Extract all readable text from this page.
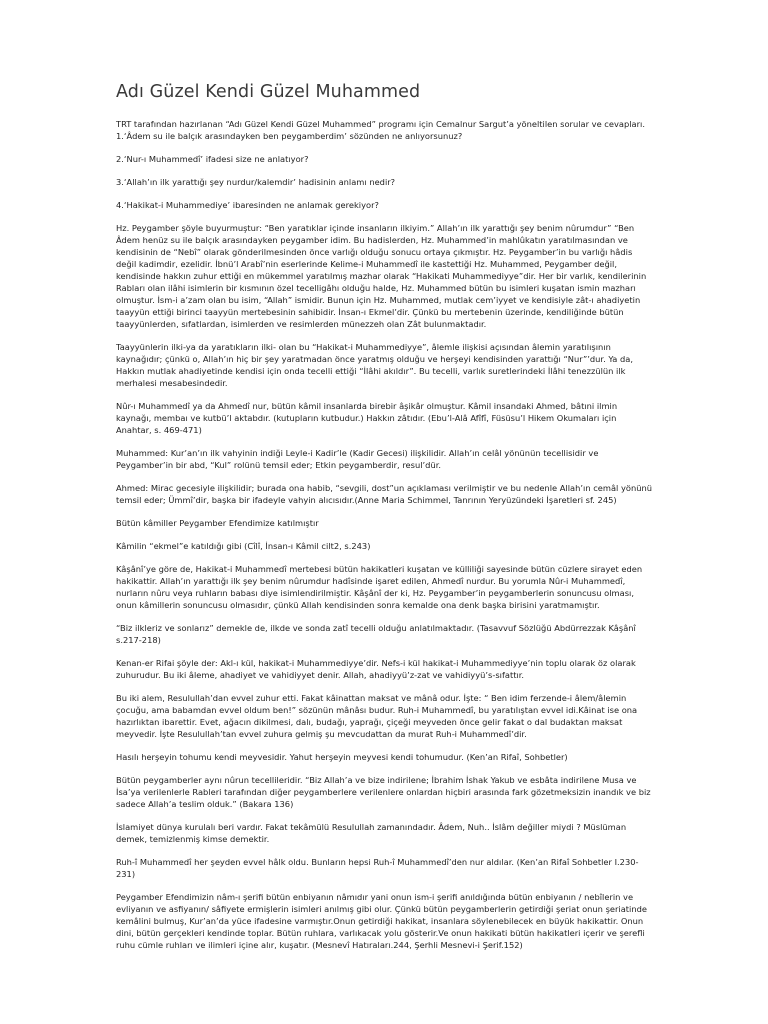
Adı Güzel Kendi Güzel Muhammed

TRT tarafından hazırlanan “Adı Güzel Kendi Güzel Muhammed” programı için Cemalnur Sargut’a yöneltilen sorular ve cevapları.
1.‘Âdem su ile balçık arasındayken ben peygamberdim’ sözünden ne anlıyorsunuz?

2.‘Nur-ı Muhammedî’ ifadesi size ne anlatıyor?

3.‘Allah’ın ilk yarattığı şey nurdur/kalemdir’ hadisinin anlamı nedir?

4.‘Hakikat-i Muhammediye’ ibaresinden ne anlamak gerekiyor?

Hz. Peygamber şöyle buyurmuştur: “Ben yaratıklar içinde insanların ilkiyim.” Allah’ın ilk yarattığı şey benim nûrumdur” “Ben Âdem henüz su ile balçık arasındayken peygamber idim. Bu hadislerden, Hz. Muhammed’in mahlûkatın yaratılmasından ve kendisinin de “Nebî” olarak gönderilmesinden önce varlığı olduğu sonucu ortaya çıkmıştır. Hz. Peygamber’in bu varlığı hâdis değil kadimdir, ezelidir. İbnü’l Arabî’nin eserlerinde Kelime-i Muhammedî ile kastettiği Hz. Muhammed, Peygamber değil, kendisinde hakkın zuhur ettiği en mükemmel yaratılmış mazhar olarak “Hakikati Muhammediyye”dir. Her bir varlık, kendilerinin Rabları olan ilâhi isimlerin bir kısmının özel tecelligâhı olduğu halde, Hz. Muhammed bütün bu isimleri kuşatan ismin mazharı olmuştur. İsm-i a’zam olan bu isim, “Allah” ismidir. Bunun için Hz. Muhammed, mutlak cem’iyyet ve kendisiyle zât-ı ahadiyetin taayyün ettiği birinci taayyün mertebesinin sahibidir. İnsan-ı Ekmel’dir. Çünkü bu mertebenin üzerinde, kendiliğinde bütün taayyünlerden, sıfatlardan, isimlerden ve resimlerden münezzeh olan Zât bulunmaktadır.

Taayyünlerin ilki-ya da yaratıkların ilki- olan bu “Hakikat-i Muhammediyye”, âlemle ilişkisi açısından âlemin yaratılışının kaynağıdır; çünkü o, Allah’ın hiç bir şey yaratmadan önce yaratmış olduğu ve herşeyi kendisinden yarattığı “Nur”’dur. Ya da, Hakkın mutlak ahadiyetinde kendisi için onda tecelli ettiği “İlâhi akıldır”. Bu tecelli, varlık suretlerindeki İlâhi tenezzülün ilk merhalesi mesabesindedir.

Nûr-ı Muhammedî ya da Ahmedî nur, bütün kâmil insanlarda birebir âşikâr olmuştur. Kâmil insandaki Ahmed, bâtıni ilmin kaynağı, membaı ve kutbü’l aktabdır. (kutupların kutbudur.) Hakkın zâtıdır. (Ebu’l-Alâ Afîfî, Füsüsu’l Hikem Okumaları için Anahtar, s. 469-471)

Muhammed: Kur’an’ın ilk vahyinin indiği Leyle-i Kadir’le (Kadir Gecesi) ilişkilidir. Allah’ın celâl yönünün tecellisidir ve Peygamber’in bir abd, “Kul” rolünü temsil eder; Etkin peygamberdir, resul’dür.

Ahmed: Mirac gecesiyle ilişkilidir; burada ona habib, “sevgili, dost”un açıklaması verilmiştir ve bu nedenle Allah’ın cemâl yönünü temsil eder; Ümmî’dir, başka bir ifadeyle vahyin alıcısıdır.(Anne Maria Schimmel, Tanrının Yeryüzündeki İşaretleri sf. 245)

Bütün kâmiller Peygamber Efendimize katılmıştır

Kâmilin “ekmel”e katıldığı gibi (Cîlî, İnsan-ı Kâmil cilt2, s.243)

Kâşânî’ye göre de, Hakikat-i Muhammedî mertebesi bütün hakikatleri kuşatan ve külliliği sayesinde bütün cüzlere sirayet eden hakikattir. Allah’ın yarattığı ilk şey benim nûrumdur hadîsinde işaret edilen, Ahmedî nurdur. Bu yorumla Nûr-i Muhammedî, nurların nûru veya ruhların babası diye isimlendirilmiştir. Kâşânî der ki, Hz. Peygamber’in peygamberlerin sonuncusu olması, onun kâmillerin sonuncusu olmasıdır, çünkü Allah kendisinden sonra kemalde ona denk başka birisini yaratmamıştır.

“Biz ilkleriz ve sonlarız” demekle de, ilkde ve sonda zatî tecelli olduğu anlatılmaktadır. (Tasavvuf Sözlüğü Abdürrezzak Kâşânî s.217-218)

Kenan-er Rifai şöyle der: Akl-ı kül, hakikat-i Muhammediyye’dir. Nefs-i kül hakikat-i Muhammediyye’nin toplu olarak öz olarak zuhurudur. Bu iki âleme, ahadiyet ve vahidiyyet denir. Allah, ahadiyyü’z-zat ve vahidiyyü’s-sıfattır.

Bu iki alem, Resulullah’dan evvel zuhur etti. Fakat kâinattan maksat ve mânâ odur. İşte: “ Ben idim ferzende-i âlem/âlemin çocuğu, ama babamdan evvel oldum ben!” sözünün mânâsı budur. Ruh-i Muhammedî, bu yaratılıştan evvel idi.Kâinat ise ona hazırlıktan ibarettir. Evet, ağacın dikilmesi, dalı, budağı, yaprağı, çiçeği meyveden önce gelir fakat o dal budaktan maksat meyvedir. İşte Resulullah’tan evvel zuhura gelmiş şu mevcudattan da murat Ruh-i Muhammedî’dir.

Hasılı herşeyin tohumu kendi meyvesidir. Yahut herşeyin meyvesi kendi tohumudur. (Ken’an Rifaî, Sohbetler)

Bütün peygamberler aynı nûrun tecellileridir. “Biz Allah’a ve bize indirilene; İbrahim İshak Yakub ve esbâta indirilene Musa ve İsa’ya verilenlerle Rableri tarafından diğer peygamberlere verilenlere onlardan hiçbiri arasında fark gözetmeksizin inandık ve biz sadece Allah’a teslim olduk.” (Bakara 136)

İslamiyet dünya kurulalı beri vardır. Fakat tekâmülü Resulullah zamanındadır. Âdem, Nuh.. İslâm değiller miydi ? Müslüman demek, temizlenmiş kimse demektir.

Ruh-î Muhammedî her şeyden evvel hâlk oldu. Bunların hepsi Ruh-î Muhammedî’den nur aldılar. (Ken’an Rifaî Sohbetler I.230-231)

Peygamber Efendimizin nâm-ı şerifi bütün enbiyanın nâmıdır yani onun ism-i şerifi anıldığında bütün enbiyanın / nebîlerin ve evliyanın ve asfiyanın/ sâfiyete ermişlerin isimleri anılmış gibi olur. Çünkü bütün peygamberlerin getirdiği şeriat onun şeriatinde kemâlini bulmuş, Kur’an’da yüce ifadesine varmıştır.Onun getirdiği hakikat, insanlara söylenebilecek en büyük hakikattir. Onun dini, bütün gerçekleri kendinde toplar. Bütün ruhlara, varlıkacak yolu gösterir.Ve onun hakikati bütün hakikatleri içerir ve şerefli ruhu cümle ruhları ve ilimleri içine alır, kuşatır. (Mesnevî Hatıraları.244, Şerhli Mesnevi-i Şerif.152)
